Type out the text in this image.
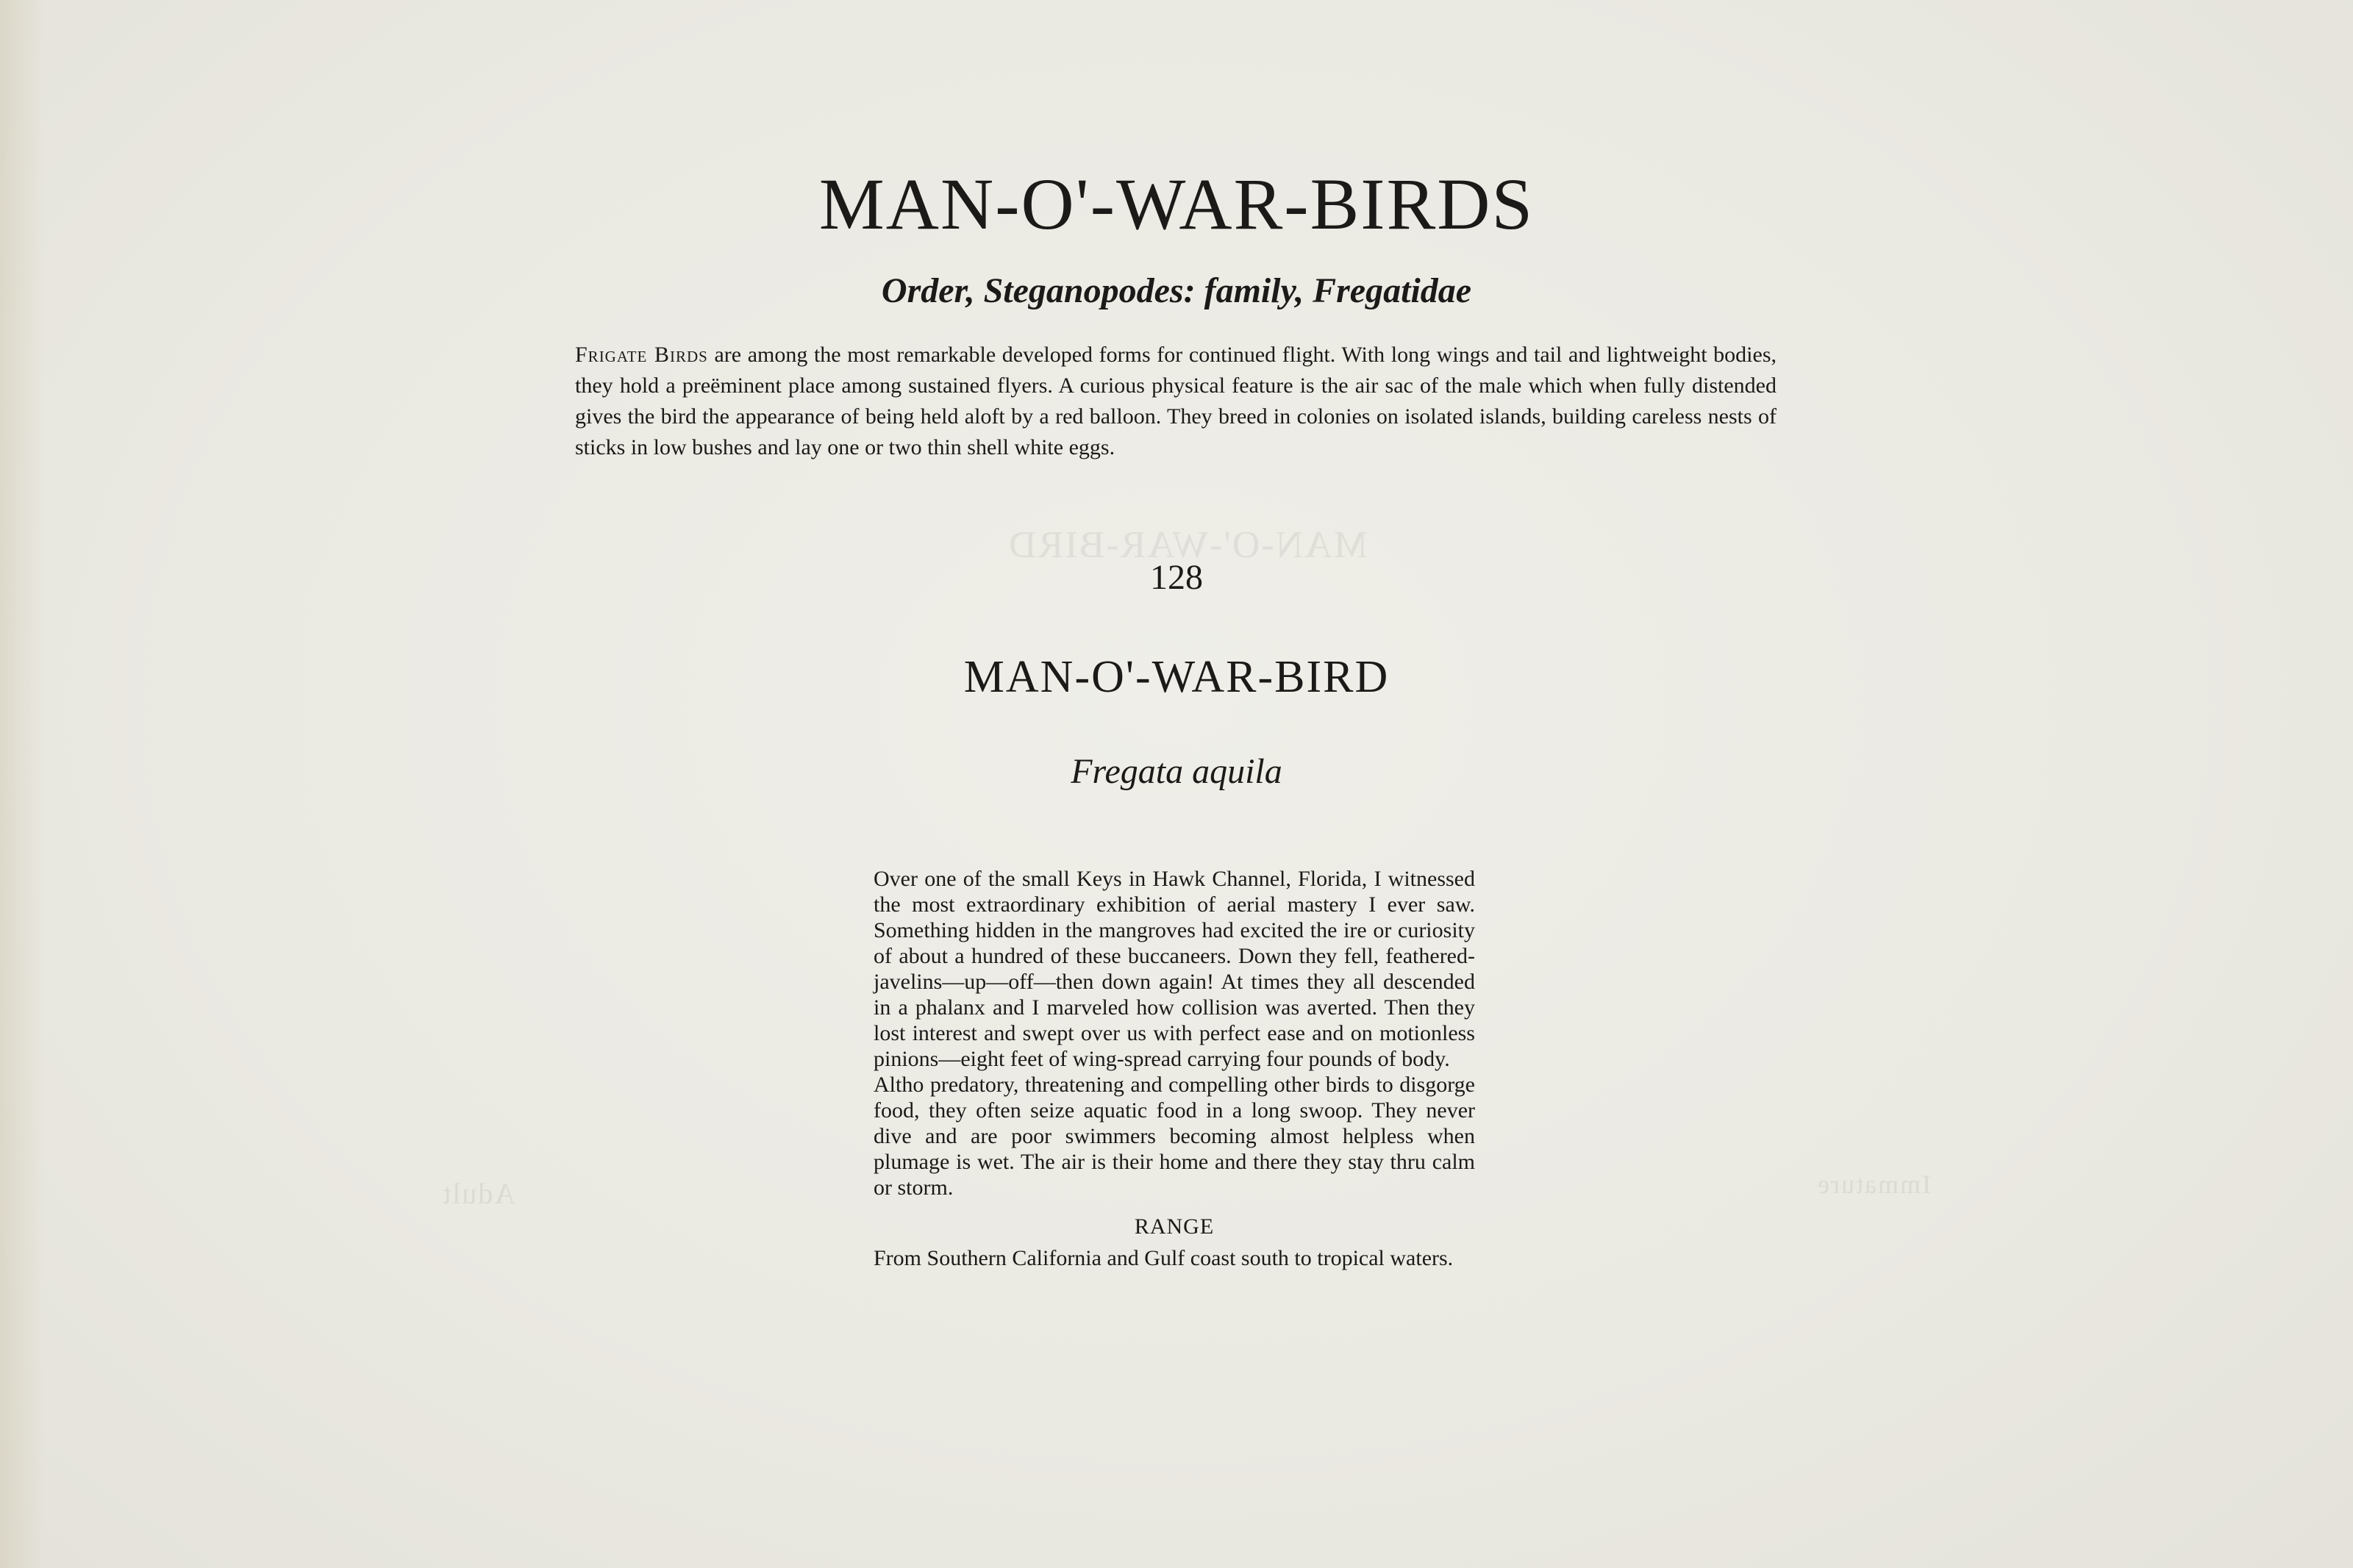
MAN-O'-WAR-BIRD
Adult	Immature
MAN-O'-WAR-BIRDS
Order, Steganopodes: family, Fregatidae

Frigate Birds are among the most remarkable developed forms for continued flight. With long wings and tail and lightweight bodies, they hold a preëminent place among sustained flyers. A curious physical feature is the air sac of the male which when fully distended gives the bird the appearance of being held aloft by a red balloon. They breed in colonies on isolated islands, building careless nests of sticks in low bushes and lay one or two thin shell white eggs.

128
MAN-O'-WAR-BIRD
Fregata aquila

Over one of the small Keys in Hawk Channel, Florida, I witnessed the most extraordinary exhibition of aerial mastery I ever saw. Something hidden in the mangroves had excited the ire or curiosity of about a hundred of these buccaneers. Down they fell, feathered-javelins—up—off—then down again! At times they all descended in a phalanx and I marveled how collision was averted. Then they lost interest and swept over us with perfect ease and on motionless pinions—eight feet of wing-spread carrying four pounds of body.

Altho predatory, threatening and compelling other birds to disgorge food, they often seize aquatic food in a long swoop. They never dive and are poor swimmers becoming almost helpless when plumage is wet. The air is their home and there they stay thru calm or storm.

RANGE

From Southern California and Gulf coast south to tropical waters.
